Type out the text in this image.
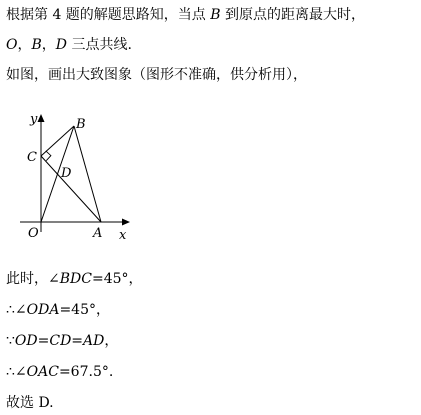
根据第 4 题的解题思路知，当点 B 到原点的距离最大时，
O，B，D 三点共线.
如图，画出大致图象（图形不准确，供分析用），
y
x
B
C
D
O	A
此时，∠BDC=45°，
∴∠ODA=45°，
∵OD=CD=AD，
∴∠OAC=67.5°.
故选 D.
